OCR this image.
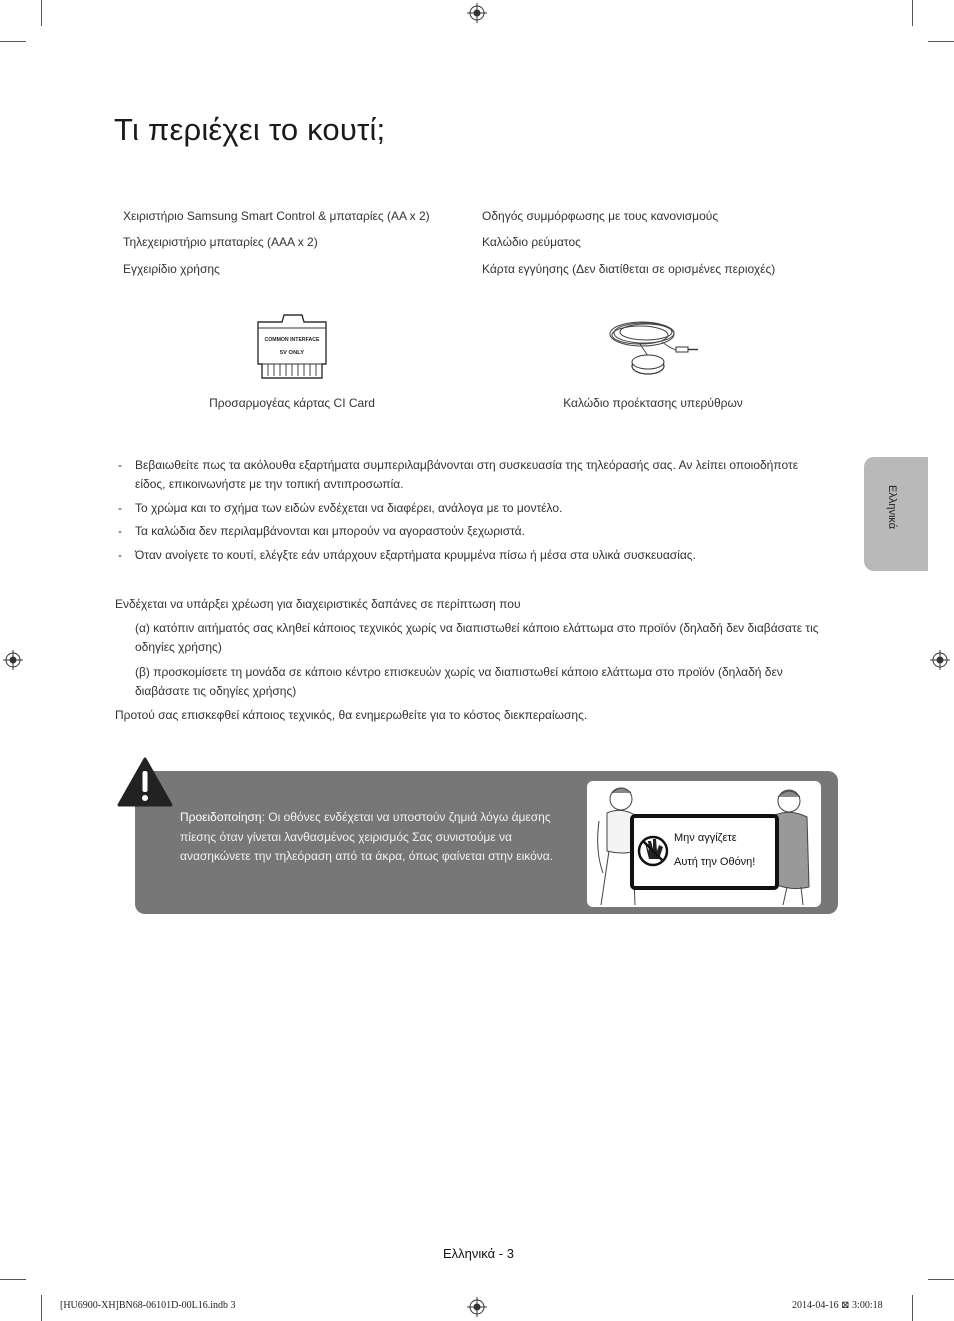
Τι περιέχει το κουτί;
Χειριστήριο Samsung Smart Control & μπαταρίες (AA x 2)
Τηλεχειριστήριο μπαταρίες (AAA x 2)
Εγχειρίδιο χρήσης
Οδηγός συμμόρφωσης με τους κανονισμούς
Καλώδιο ρεύματος
Κάρτα εγγύησης (Δεν διατίθεται σε ορισμένες περιοχές)
COMMON INTERFACE
5V ONLY
Προσαρμογέας κάρτας CI Card	Καλώδιο προέκτασης υπερύθρων
- Βεβαιωθείτε πως τα ακόλουθα εξαρτήματα συμπεριλαμβάνονται στη συσκευασία της τηλεόρασής σας. Αν λείπει οποιοδήποτε είδος, επικοινωνήστε με την τοπική αντιπροσωπία.
- Το χρώμα και το σχήμα των ειδών ενδέχεται να διαφέρει, ανάλογα με το μοντέλο.
- Τα καλώδια δεν περιλαμβάνονται και μπορούν να αγοραστούν ξεχωριστά.
- Όταν ανοίγετε το κουτί, ελέγξτε εάν υπάρχουν εξαρτήματα κρυμμένα πίσω ή μέσα στα υλικά συσκευασίας.
Ενδέχεται να υπάρξει χρέωση για διαχειριστικές δαπάνες σε περίπτωση που
(α) κατόπιν αιτήματός σας κληθεί κάποιος τεχνικός χωρίς να διαπιστωθεί κάποιο ελάττωμα στο προϊόν (δηλαδή δεν διαβάσατε τις οδηγίες χρήσης)
(β) προσκομίσετε τη μονάδα σε κάποιο κέντρο επισκευών χωρίς να διαπιστωθεί κάποιο ελάττωμα στο προϊόν (δηλαδή δεν διαβάσατε τις οδηγίες χρήσης)
Προτού σας επισκεφθεί κάποιος τεχνικός, θα ενημερωθείτε για το κόστος διεκπεραίωσης.
Προειδοποίηση: Οι οθόνες ενδέχεται να υποστούν ζημιά λόγω άμεσης πίεσης όταν γίνεται λανθασμένος χειρισμός Σας συνιστούμε να ανασηκώνετε την τηλεόραση από τα άκρα, όπως φαίνεται στην εικόνα.
Μην αγγίζετε
Αυτή την Οθόνη!
Ελληνικά
Ελληνικά - 3
[HU6900-XH]BN68-06101D-00L16.indb 3	2014-04-16 ⊠ 3:00:18
